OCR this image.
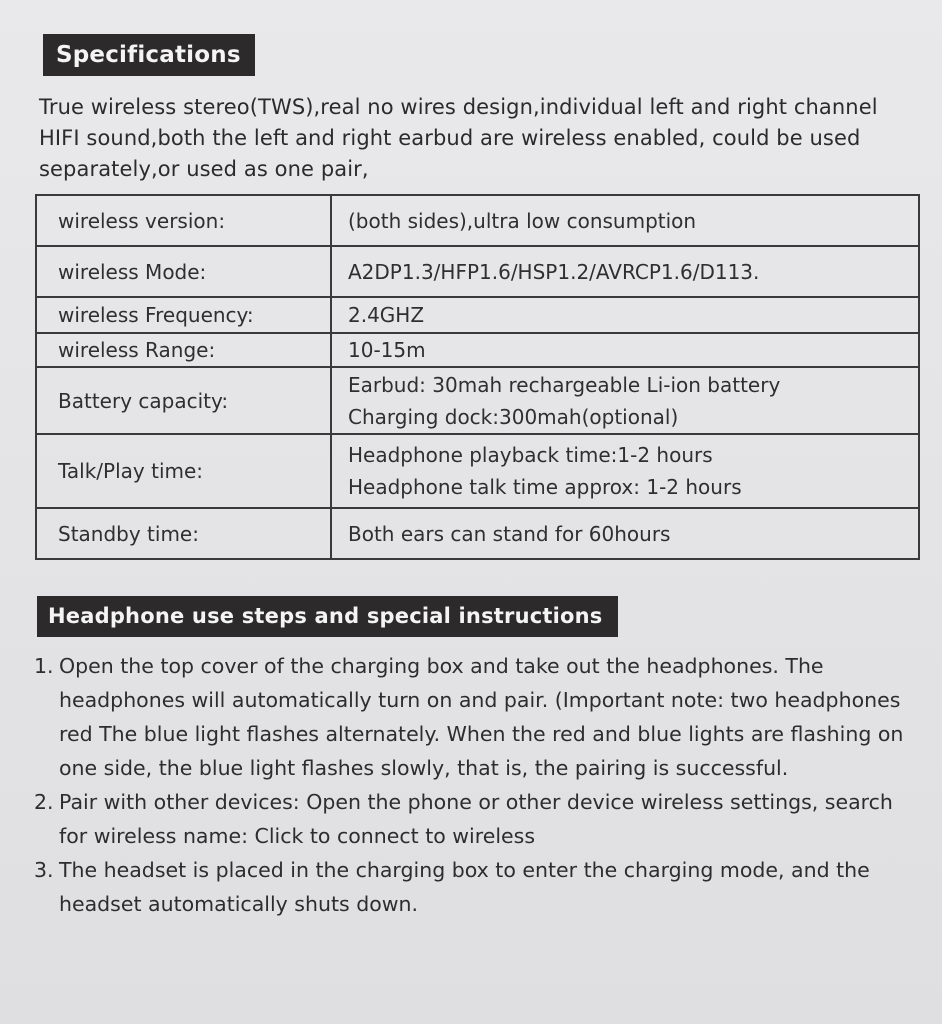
Specifications

True wireless stereo(TWS),real no wires design,individual left and right channel HIFI sound,both the left and right earbud are wireless enabled, could be used separately,or used as one pair,

wireless version:	(both sides),ultra low consumption

wireless Mode:	A2DP1.3/HFP1.6/HSP1.2/AVRCP1.6/D113.

wireless Frequency:	2.4GHZ

wireless Range:	10-15m

Battery capacity:	Earbud: 30mah rechargeable Li-ion battery
Charging dock:300mah(optional)

Talk/Play time:	Headphone playback time:1-2 hours
Headphone talk time approx: 1-2 hours

Standby time:	Both ears can stand for 60hours
Headphone use steps and special instructions
1. Open the top cover of the charging box and take out the headphones. The headphones will automatically turn on and pair. (Important note: two headphones red The blue light flashes alternately. When the red and blue lights are flashing on one side, the blue light flashes slowly, that is, the pairing is successful.
2. Pair with other devices: Open the phone or other device wireless settings, search for wireless name: Click to connect to wireless
3. The headset is placed in the charging box to enter the charging mode, and the headset automatically shuts down.
